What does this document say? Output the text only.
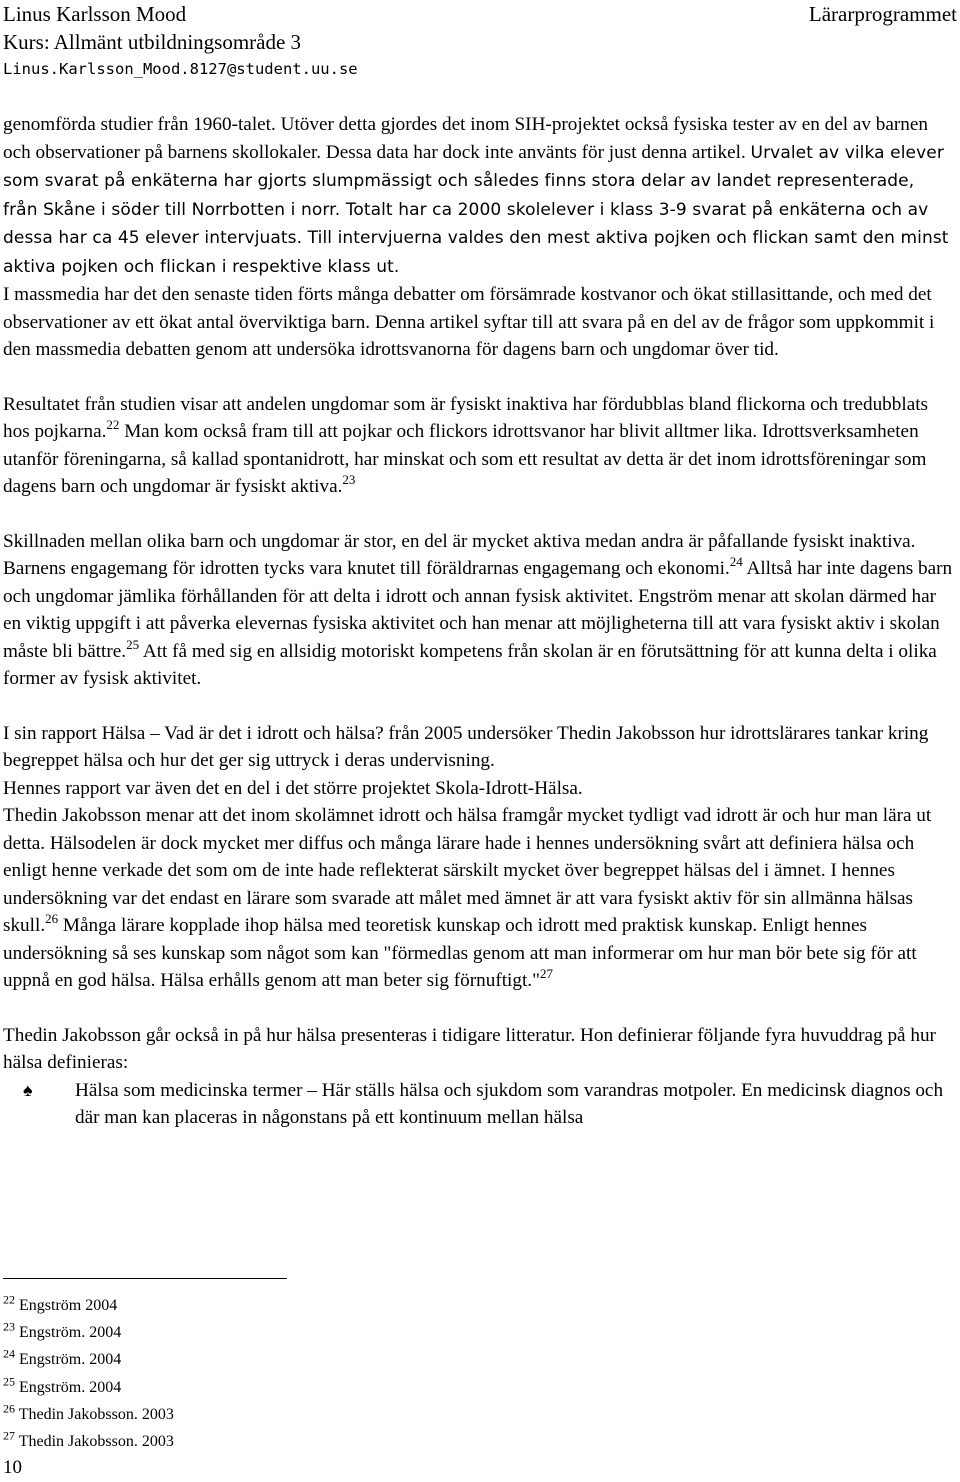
Linus Karlsson Mood
Kurs: Allmänt utbildningsområde 3
Linus.Karlsson_Mood.8127@student.uu.se
Lärarprogrammet

genomförda studier från 1960-talet. Utöver detta gjordes det inom SIH-projektet också fysiska tester av en del av barnen och observationer på barnens skollokaler. Dessa data har dock inte använts för just denna artikel. Urvalet av vilka elever som svarat på enkäterna har gjorts slumpmässigt och således finns stora delar av landet representerade, från Skåne i söder till Norrbotten i norr. Totalt har ca 2000 skolelever i klass 3-9 svarat på enkäterna och av dessa har ca 45 elever intervjuats. Till intervjuerna valdes den mest aktiva pojken och flickan samt den minst aktiva pojken och flickan i respektive klass ut.

I massmedia har det den senaste tiden förts många debatter om försämrade kostvanor och ökat stillasittande, och med det observationer av ett ökat antal överviktiga barn. Denna artikel syftar till att svara på en del av de frågor som uppkommit i den massmedia debatten genom att undersöka idrottsvanorna för dagens barn och ungdomar över tid.

Resultatet från studien visar att andelen ungdomar som är fysiskt inaktiva har fördubblas bland flickorna och tredubblats hos pojkarna.$^{22}$ Man kom också fram till att pojkar och flickors idrottsvanor har blivit alltmer lika. Idrottsverksamheten utanför föreningarna, så kallad spontanidrott, har minskat och som ett resultat av detta är det inom idrottsföreningar som dagens barn och ungdomar är fysiskt aktiva.$^{23}$

Skillnaden mellan olika barn och ungdomar är stor, en del är mycket aktiva medan andra är påfallande fysiskt inaktiva. Barnens engagemang för idrotten tycks vara knutet till föräldrarnas engagemang och ekonomi.$^{24}$ Alltså har inte dagens barn och ungdomar jämlika förhållanden för att delta i idrott och annan fysisk aktivitet. Engström menar att skolan därmed har en viktig uppgift i att påverka elevernas fysiska aktivitet och han menar att möjligheterna till att vara fysiskt aktiv i skolan måste bli bättre.$^{25}$ Att få med sig en allsidig motoriskt kompetens från skolan är en förutsättning för att kunna delta i olika former av fysisk aktivitet.

I sin rapport Hälsa – Vad är det i idrott och hälsa? från 2005 undersöker Thedin Jakobsson hur idrottslärares tankar kring begreppet hälsa och hur det ger sig uttryck i deras undervisning.

Hennes rapport var även det en del i det större projektet Skola-Idrott-Hälsa.

Thedin Jakobsson menar att det inom skolämnet idrott och hälsa framgår mycket tydligt vad idrott är och hur man lära ut detta. Hälsodelen är dock mycket mer diffus och många lärare hade i hennes undersökning svårt att definiera hälsa och enligt henne verkade det som om de inte hade reflekterat särskilt mycket över begreppet hälsas del i ämnet. I hennes undersökning var det endast en lärare som svarade att målet med ämnet är att vara fysiskt aktiv för sin allmänna hälsas skull.$^{26}$ Många lärare kopplade ihop hälsa med teoretisk kunskap och idrott med praktisk kunskap. Enligt hennes undersökning så ses kunskap som något som kan "förmedlas genom att man informerar om hur man bör bete sig för att uppnå en god hälsa. Hälsa erhålls genom att man beter sig förnuftigt."$^{27}$

Thedin Jakobsson går också in på hur hälsa presenteras i tidigare litteratur. Hon definierar följande fyra huvuddrag på hur hälsa definieras:

♠	Hälsa som medicinska termer – Här ställs hälsa och sjukdom som varandras motpoler. En medicinsk diagnos och där man kan placeras in någonstans på ett kontinuum mellan hälsa
$^{22}$ Engström 2004
$^{23}$ Engström. 2004
$^{24}$ Engström. 2004
$^{25}$ Engström. 2004
$^{26}$ Thedin Jakobsson. 2003
$^{27}$ Thedin Jakobsson. 2003
10
